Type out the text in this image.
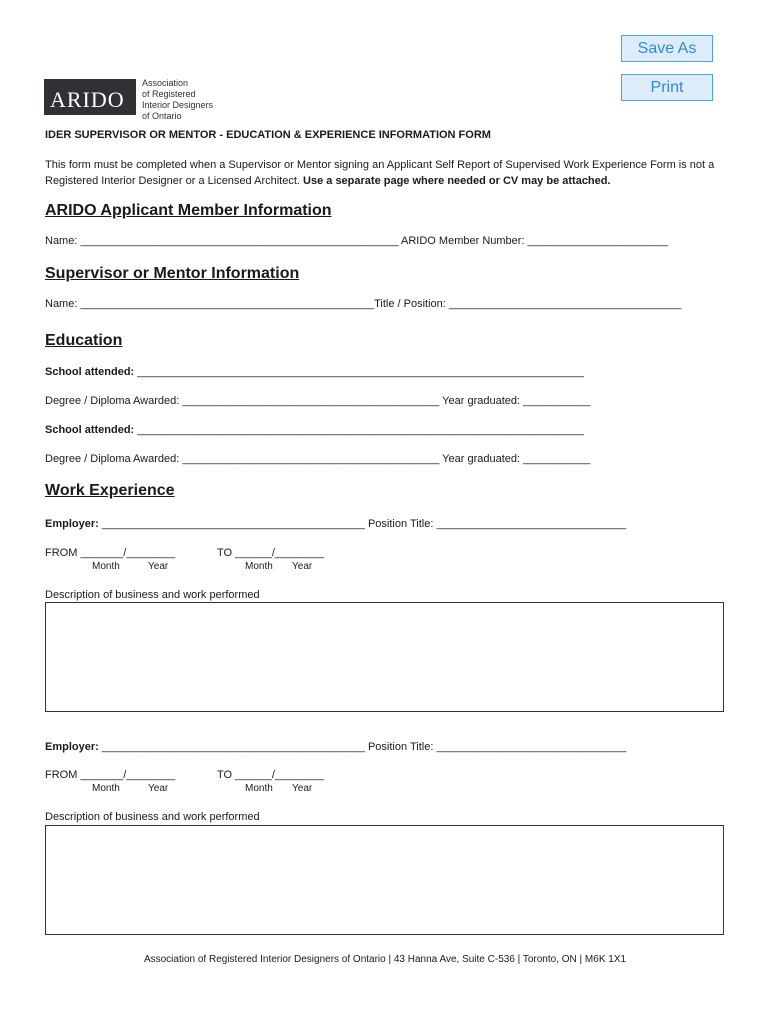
Save As
Print
ARIDO
Association
of Registered
Interior Designers
of Ontario
IDER SUPERVISOR OR MENTOR - EDUCATION & EXPERIENCE INFORMATION FORM
This form must be completed when a Supervisor or Mentor signing an Applicant Self Report of Supervised Work Experience Form is not a Registered Interior Designer or a Licensed Architect. Use a separate page where needed or CV may be attached.
ARIDO Applicant Member Information
Name: ____________________________________________________ ARIDO Member Number: _______________________
Supervisor or Mentor Information
Name: ________________________________________________Title / Position: ______________________________________
Education
School attended: _________________________________________________________________________
Degree / Diploma Awarded: __________________________________________ Year graduated: ___________
School attended: _________________________________________________________________________
Degree / Diploma Awarded: __________________________________________ Year graduated: ___________
Work Experience
Employer: ___________________________________________ Position Title: _______________________________
FROM _______/________	TO ______/________
Month	Year	Month Year
Description of business and work performed
Employer: ___________________________________________ Position Title: _______________________________
FROM _______/________	TO ______/________
Month	Year	Month Year
Description of business and work performed
Association of Registered Interior Designers of Ontario | 43 Hanna Ave, Suite C-536 | Toronto, ON | M6K 1X1
